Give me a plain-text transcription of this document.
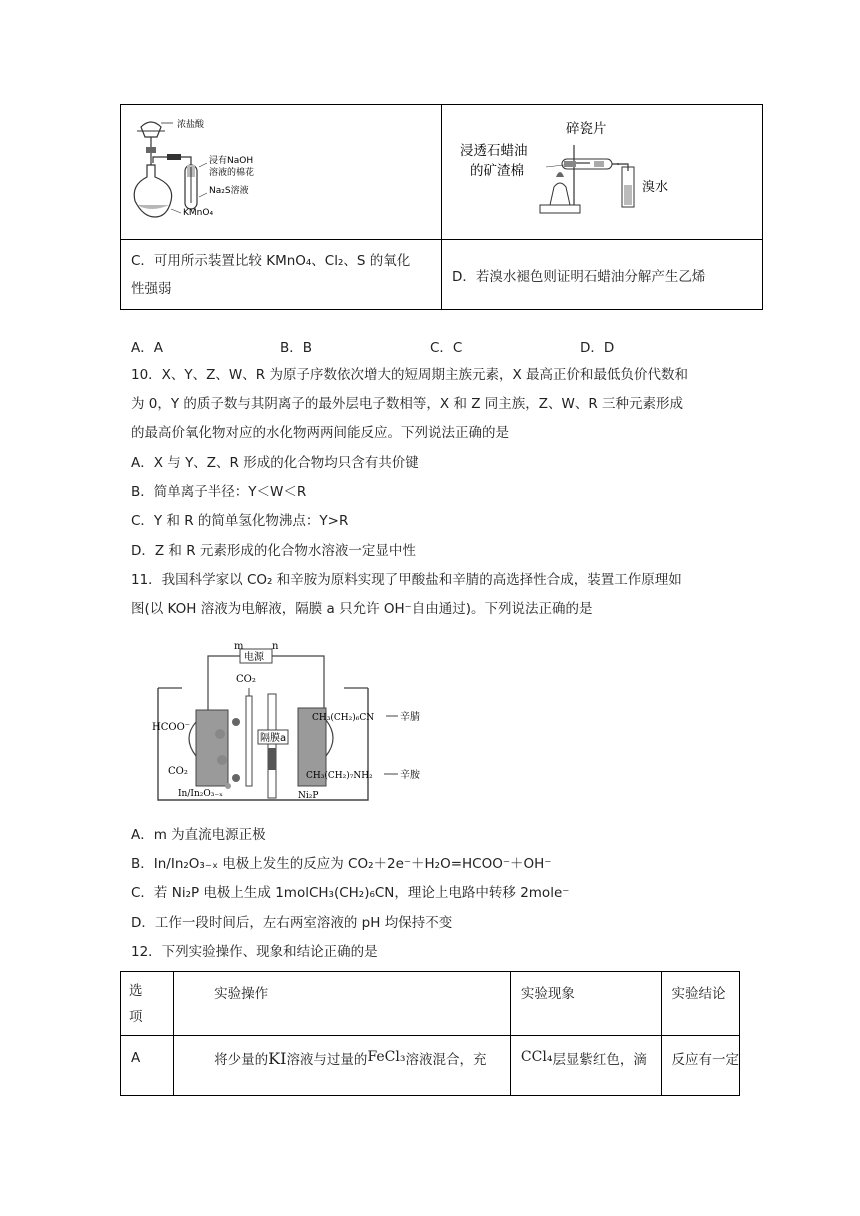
浓盐酸
浸有NaOH
溶液的棉花
Na₂S溶液
KMnO₄	碎瓷片
浸透石蜡油
的矿渣棉
溴水

C．可用所示装置比较 KMnO₄、Cl₂、S 的氧化
性强弱	D．若溴水褪色则证明石蜡油分解产生乙烯
A．A	B．B	C．C	D．D
10．X、Y、Z、W、R 为原子序数依次增大的短周期主族元素，X 最高正价和最低负价代数和
为 0，Y 的质子数与其阴离子的最外层电子数相等，X 和 Z 同主族，Z、W、R 三种元素形成
的最高价氧化物对应的水化物两两间能反应。下列说法正确的是
A．X 与 Y、Z、R 形成的化合物均只含有共价键
B．简单离子半径：Y＜W＜R
C．Y 和 R 的简单氢化物沸点：Y>R
D．Z 和 R 元素形成的化合物水溶液一定显中性
11．我国科学家以 CO₂ 和辛胺为原料实现了甲酸盐和辛腈的高选择性合成，装置工作原理如
图(以 KOH 溶液为电解液，隔膜 a 只允许 OH⁻自由通过)。下列说法正确的是
电源
m	n
CO₂
隔膜a
HCOO⁻
CO₂
In/In₂O₃₋ₓ
CH₃(CH₂)₆CN	辛腈
CH₃(CH₂)₇NH₂	辛胺
Ni₂P
A．m 为直流电源正极
B．In/In₂O₃₋ₓ 电极上发生的反应为 CO₂＋2e⁻＋H₂O=HCOO⁻＋OH⁻
C．若 Ni₂P 电极上生成 1molCH₃(CH₂)₆CN，理论上电路中转移 2mole⁻
D．工作一段时间后，左右两室溶液的 pH 均保持不变
12．下列实验操作、现象和结论正确的是
选项	实验操作	实验现象	实验结论
A	将少量的KI溶液与过量的FeCl₃溶液混合，充	CCl₄层显紫红色，滴	反应有一定
